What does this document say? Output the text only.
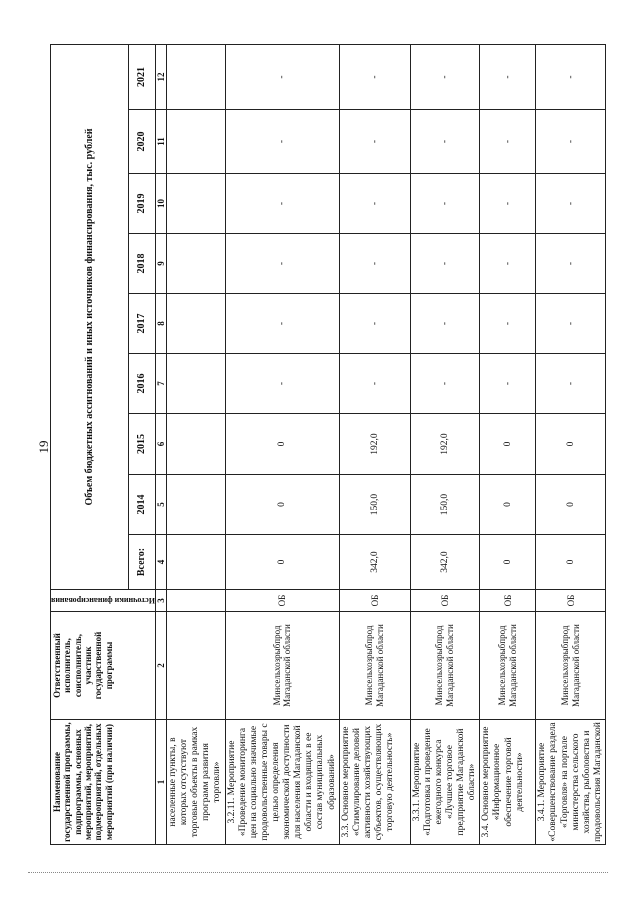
19
Наименование государственной программы, подпрограммы, основных мероприятий, мероприятий, подмероприятий, отдельных мероприятий (при наличии)	Ответственный исполнитель, соисполнитель, участник государственной программы	Источники финансирования	Объем бюджетных ассигнований и иных источников финансирования, тыс. рублей								
			Всего:	2014	2015	2016	2017	2018	2019	2020	2021
1	2	3	4	5	6	7	8	9	10	11	12
населенные пункты, в которых отсутствуют торговые объекты в рамках программ развития торговли»											
3.2.11. Мероприятие «Проведение мониторинга цен на социально значимые продовольственные товары с целью определения экономической доступности для населения Магаданской области и входящих в ее состав муниципальных образований»	Минсельхозрыбпрод Магаданской области	ОБ	0	0	0	-	-	-	-	-	-
3.3. Основное мероприятие «Стимулирование деловой активности хозяйствующих субъектов, осуществляющих торговую деятельность»	Минсельхозрыбпрод Магаданской области	ОБ	342,0	150,0	192,0	-	-	-	-	-	-
3.3.1. Мероприятие «Подготовка и проведение ежегодного конкурса «Лучшее торговое предприятие Магаданской области»	Минсельхозрыбпрод Магаданской области	ОБ	342,0	150,0	192,0	-	-	-	-	-	-
3.4. Основное мероприятие «Информационное обеспечение торговой деятельности»	Минсельхозрыбпрод Магаданской области	ОБ	0	0	0	-	-	-	-	-	-
3.4.1. Мероприятие «Совершенствование раздела «Торговля» на портале министерства сельского хозяйства, рыболовства и продовольствия Магаданской	Минсельхозрыбпрод Магаданской области	ОБ	0	0	0	-	-	-	-	-	-
